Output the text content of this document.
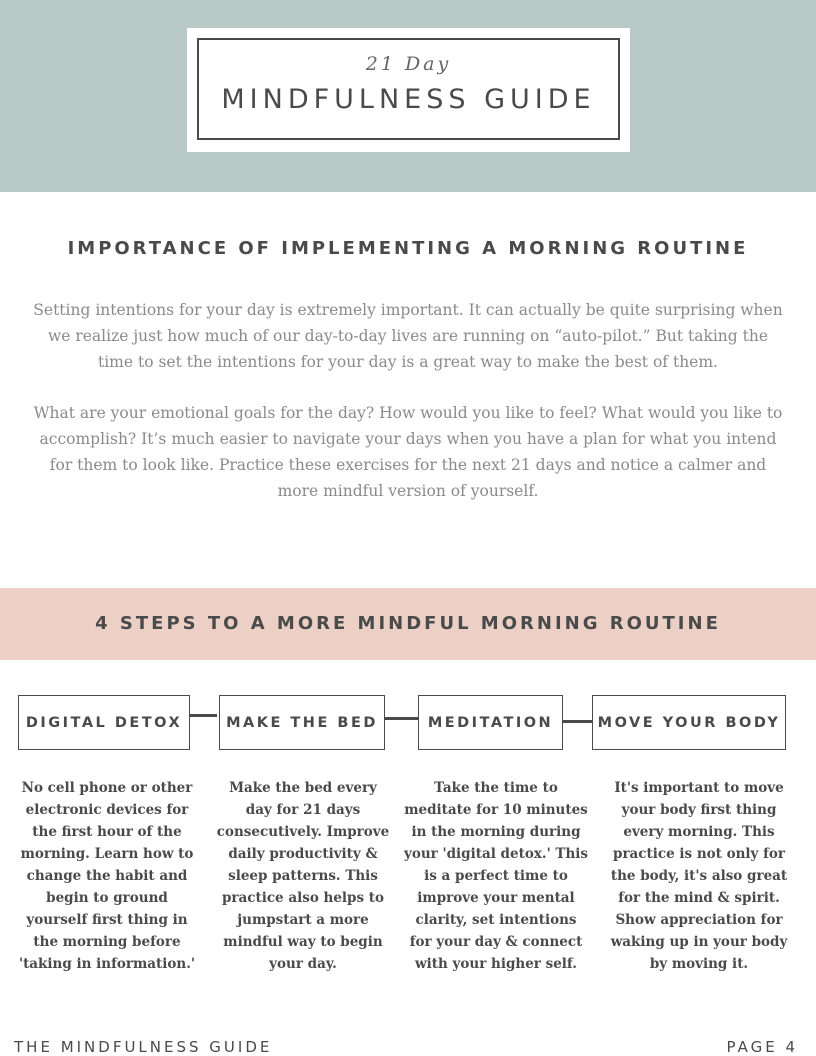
21 Day
MINDFULNESS GUIDE
IMPORTANCE OF IMPLEMENTING A MORNING ROUTINE

Setting intentions for your day is extremely important. It can actually be quite surprising when we realize just how much of our day-to-day lives are running on “auto-pilot.” But taking the time to set the intentions for your day is a great way to make the best of them.

What are your emotional goals for the day? How would you like to feel? What would you like to accomplish? It’s much easier to navigate your days when you have a plan for what you intend for them to look like. Practice these exercises for the next 21 days and notice a calmer and more mindful version of yourself.

4 STEPS TO A MORE MINDFUL MORNING ROUTINE
DIGITAL DETOX	MAKE THE BED	MEDITATION	MOVE YOUR BODY

No cell phone or other electronic devices for the first hour of the morning. Learn how to change the habit and begin to ground yourself first thing in the morning before 'taking in information.'

Make the bed every day for 21 days consecutively. Improve daily productivity & sleep patterns. This practice also helps to jumpstart a more mindful way to begin your day.

Take the time to meditate for 10 minutes in the morning during your 'digital detox.' This is a perfect time to improve your mental clarity, set intentions for your day & connect with your higher self.

It's important to move your body first thing every morning. This practice is not only for the body, it's also great for the mind & spirit. Show appreciation for waking up in your body by moving it.

THE MINDFULNESS GUIDE	PAGE 4
